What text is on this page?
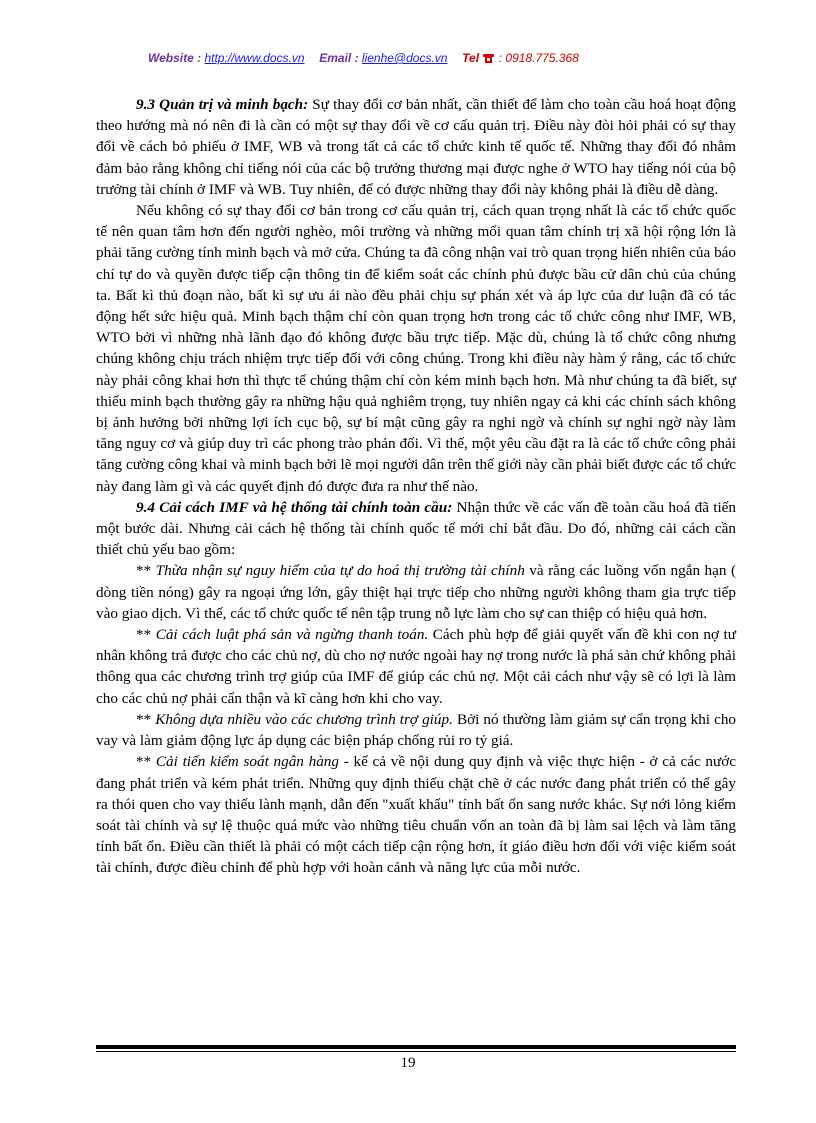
Website : http://www.docs.vn Email : lienhe@docs.vn Tel : 0918.775.368

9.3 Quản trị và minh bạch: Sự thay đổi cơ bản nhất, cần thiết để làm cho toàn cầu hoá hoạt động theo hướng mà nó nên đi là cần có một sự thay đổi về cơ cấu quản trị. Điều này đòi hỏi phải có sự thay đổi về cách bỏ phiếu ở IMF, WB và trong tất cả các tổ chức kinh tế quốc tế. Những thay đổi đó nhằm đảm bảo rằng không chỉ tiếng nói của các bộ trưởng thương mại được nghe ở WTO hay tiếng nói của bộ trưởng tài chính ở IMF và WB. Tuy nhiên, để có được những thay đổi này không phải là điều dễ dàng.

Nếu không có sự thay đổi cơ bản trong cơ cấu quản trị, cách quan trọng nhất là các tổ chức quốc tế nên quan tâm hơn đến người nghèo, môi trường và những mối quan tâm chính trị xã hội rộng lớn là phải tăng cường tính minh bạch và mở cửa. Chúng ta đã công nhận vai trò quan trọng hiển nhiên của báo chí tự do và quyền được tiếp cận thông tin để kiểm soát các chính phủ được bầu cử dân chủ của chúng ta. Bất kì thủ đoạn nào, bất kì sự ưu ái nào đều phải chịu sự phán xét và áp lực của dư luận đã có tác động hết sức hiệu quả. Minh bạch thậm chí còn quan trọng hơn trong các tổ chức công như IMF, WB, WTO bởi vì những nhà lãnh đạo đó không được bầu trực tiếp. Mặc dù, chúng là tổ chức công nhưng chúng không chịu trách nhiệm trực tiếp đối với công chúng. Trong khi điều này hàm ý rằng, các tổ chức này phải công khai hơn thì thực tế chúng thậm chí còn kém minh bạch hơn. Mà như chúng ta đã biết, sự thiếu minh bạch thường gây ra những hậu quả nghiêm trọng, tuy nhiên ngay cả khi các chính sách không bị ảnh hưởng bởi những lợi ích cục bộ, sự bí mật cũng gây ra nghi ngờ và chính sự nghi ngờ này làm tăng nguy cơ và giúp duy trì các phong trào phản đối. Vì thế, một yêu cầu đặt ra là các tổ chức công phải tăng cường công khai và minh bạch bởi lẽ mọi người dân trên thế giới này cần phải biết được các tổ chức này đang làm gì và các quyết định đó được đưa ra như thế nào.

9.4 Cải cách IMF và hệ thống tài chính toàn cầu: Nhận thức về các vấn đề toàn cầu hoá đã tiến một bước dài. Nhưng cải cách hệ thống tài chính quốc tế mới chỉ bắt đầu. Do đó, những cải cách cần thiết chủ yếu bao gồm:

** Thừa nhận sự nguy hiểm của tự do hoá thị trường tài chính và rằng các luồng vốn ngắn hạn ( dòng tiền nóng) gây ra ngoại ứng lớn, gây thiệt hại trực tiếp cho những người không tham gia trực tiếp vào giao dịch. Vì thế, các tổ chức quốc tế nên tập trung nỗ lực làm cho sự can thiệp có hiệu quả hơn.

** Cải cách luật phá sản và ngừng thanh toán. Cách phù hợp để giải quyết vấn đề khi con nợ tư nhân không trả được cho các chủ nợ, dù cho nợ nước ngoài hay nợ trong nước là phá sản chứ không phải thông qua các chương trình trợ giúp của IMF để giúp các chủ nợ. Một cải cách như vậy sẽ có lợi là làm cho các chủ nợ phải cẩn thận và kĩ càng hơn khi cho vay.

** Không dựa nhiều vào các chương trình trợ giúp. Bởi nó thường làm giảm sự cẩn trọng khi cho vay và làm giảm động lực áp dụng các biện pháp chống rủi ro tỷ giá.

** Cải tiến kiểm soát ngân hàng - kể cả về nội dung quy định và việc thực hiện - ở cả các nước đang phát triển và kém phát triển. Những quy định thiếu chặt chẽ ở các nước đang phát triển có thể gây ra thói quen cho vay thiếu lành mạnh, dẫn đến "xuất khẩu" tính bất ổn sang nước khác. Sự nới lỏng kiểm soát tài chính và sự lệ thuộc quá mức vào những tiêu chuẩn vốn an toàn đã bị làm sai lệch và làm tăng tính bất ổn. Điều cần thiết là phải có một cách tiếp cận rộng hơn, ít giáo điều hơn đối với việc kiểm soát tài chính, được điều chỉnh để phù hợp với hoàn cảnh và năng lực của mỗi nước.

19
